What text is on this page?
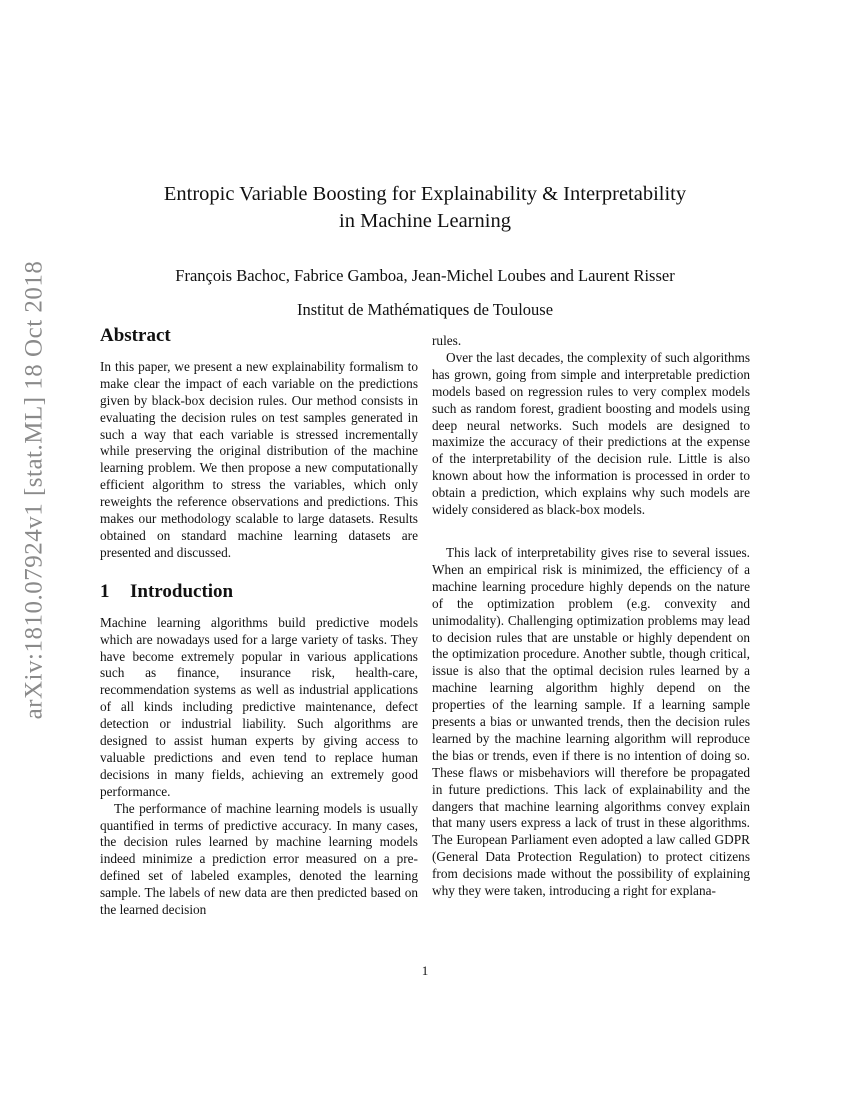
arXiv:1810.07924v1 [stat.ML] 18 Oct 2018
Entropic Variable Boosting for Explainability & Interpretability
in Machine Learning
François Bachoc, Fabrice Gamboa, Jean-Michel Loubes and Laurent Risser
Institut de Mathématiques de Toulouse
Abstract

In this paper, we present a new explainability formalism to make clear the impact of each variable on the predictions given by black-box decision rules. Our method consists in evaluating the decision rules on test samples generated in such a way that each variable is stressed incrementally while preserving the original distribution of the machine learning problem. We then propose a new computationally efficient algorithm to stress the variables, which only reweights the reference observations and predictions. This makes our methodology scalable to large datasets. Results obtained on standard machine learning datasets are presented and discussed.

1 Introduction

Machine learning algorithms build predictive models which are nowadays used for a large variety of tasks. They have become extremely popular in various applications such as finance, insurance risk, health-care, recommendation systems as well as industrial applications of all kinds including predictive maintenance, defect detection or industrial liability. Such algorithms are designed to assist human experts by giving access to valuable predictions and even tend to replace human decisions in many fields, achieving an extremely good performance.

The performance of machine learning models is usually quantified in terms of predictive accuracy. In many cases, the decision rules learned by machine learning models indeed minimize a prediction error measured on a pre-defined set of labeled examples, denoted the learning sample. The labels of new data are then predicted based on the learned decision

rules.

Over the last decades, the complexity of such algorithms has grown, going from simple and interpretable prediction models based on regression rules to very complex models such as random forest, gradient boosting and models using deep neural networks. Such models are designed to maximize the accuracy of their predictions at the expense of the interpretability of the decision rule. Little is also known about how the information is processed in order to obtain a prediction, which explains why such models are widely considered as black-box models.

This lack of interpretability gives rise to several issues. When an empirical risk is minimized, the efficiency of a machine learning procedure highly depends on the nature of the optimization problem (e.g. convexity and unimodality). Challenging optimization problems may lead to decision rules that are unstable or highly dependent on the optimization procedure. Another subtle, though critical, issue is also that the optimal decision rules learned by a machine learning algorithm highly depend on the properties of the learning sample. If a learning sample presents a bias or unwanted trends, then the decision rules learned by the machine learning algorithm will reproduce the bias or trends, even if there is no intention of doing so. These flaws or misbehaviors will therefore be propagated in future predictions. This lack of explainability and the dangers that machine learning algorithms convey explain that many users express a lack of trust in these algorithms. The European Parliament even adopted a law called GDPR (General Data Protection Regulation) to protect citizens from decisions made without the possibility of explaining why they were taken, introducing a right for explana-

1
